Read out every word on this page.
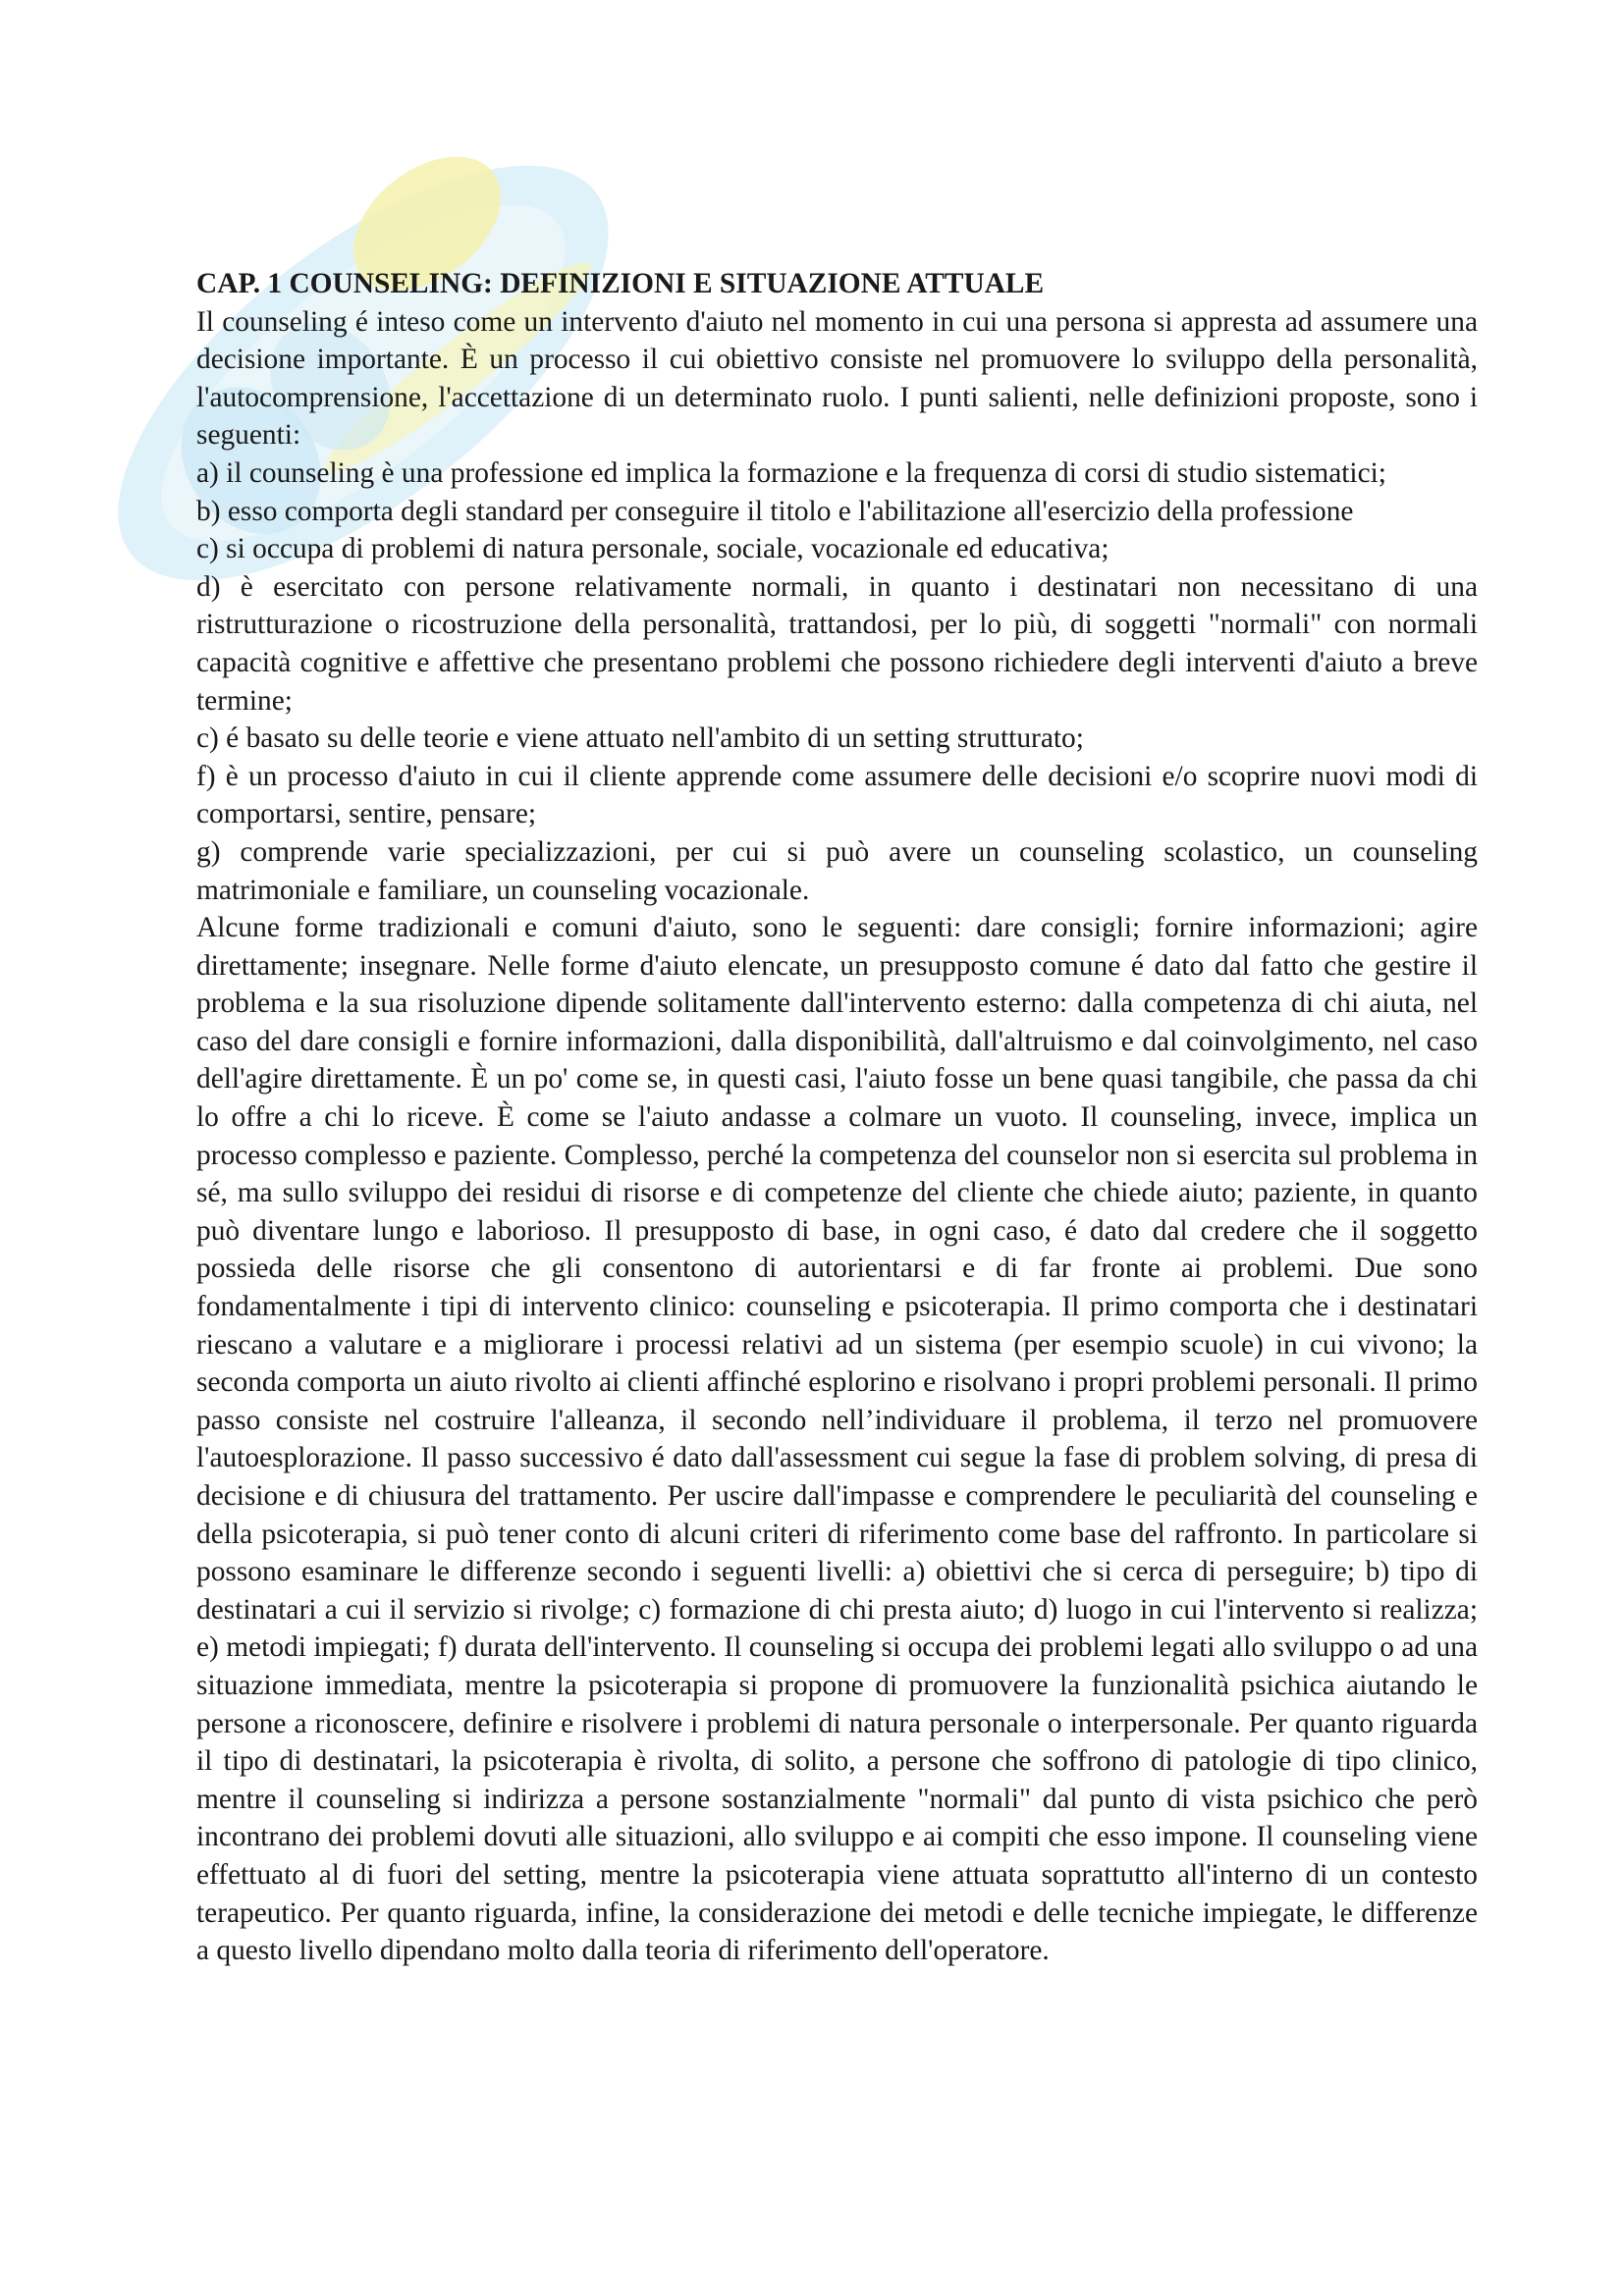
CAP. 1 COUNSELING: DEFINIZIONI E SITUAZIONE ATTUALE

Il counseling é inteso come un intervento d'aiuto nel momento in cui una persona si appresta ad assumere una decisione importante. È un processo il cui obiettivo consiste nel promuovere lo sviluppo della personalità, l'autocomprensione, l'accettazione di un determinato ruolo. I punti salienti, nelle definizioni proposte, sono i seguenti:

a) il counseling è una professione ed implica la formazione e la frequenza di corsi di studio sistematici;

b) esso comporta degli standard per conseguire il titolo e l'abilitazione all'esercizio della professione

c) si occupa di problemi di natura personale, sociale, vocazionale ed educativa;

d) è esercitato con persone relativamente normali, in quanto i destinatari non necessitano di una ristrutturazione o ricostruzione della personalità, trattandosi, per lo più, di soggetti "normali" con normali capacità cognitive e affettive che presentano problemi che possono richiedere degli interventi d'aiuto a breve termine;

c) é basato su delle teorie e viene attuato nell'ambito di un setting strutturato;

f) è un processo d'aiuto in cui il cliente apprende come assumere delle decisioni e/o scoprire nuovi modi di comportarsi, sentire, pensare;

g) comprende varie specializzazioni, per cui si può avere un counseling scolastico, un counseling matrimoniale e familiare, un counseling vocazionale.

Alcune forme tradizionali e comuni d'aiuto, sono le seguenti: dare consigli; fornire informazioni; agire direttamente; insegnare. Nelle forme d'aiuto elencate, un presupposto comune é dato dal fatto che gestire il problema e la sua risoluzione dipende solitamente dall'intervento esterno: dalla competenza di chi aiuta, nel caso del dare consigli e fornire informazioni, dalla disponibilità, dall'altruismo e dal coinvolgimento, nel caso dell'agire direttamente. È un po' come se, in questi casi, l'aiuto fosse un bene quasi tangibile, che passa da chi lo offre a chi lo riceve. È come se l'aiuto andasse a colmare un vuoto. Il counseling, invece, implica un processo complesso e paziente. Complesso, perché la competenza del counselor non si esercita sul problema in sé, ma sullo sviluppo dei residui di risorse e di competenze del cliente che chiede aiuto; paziente, in quanto può diventare lungo e laborioso. Il presupposto di base, in ogni caso, é dato dal credere che il soggetto possieda delle risorse che gli consentono di autorientarsi e di far fronte ai problemi. Due sono fondamentalmente i tipi di intervento clinico: counseling e psicoterapia. Il primo comporta che i destinatari riescano a valutare e a migliorare i processi relativi ad un sistema (per esempio scuole) in cui vivono; la seconda comporta un aiuto rivolto ai clienti affinché esplorino e risolvano i propri problemi personali. Il primo passo consiste nel costruire l'alleanza, il secondo nell’individuare il problema, il terzo nel promuovere l'autoesplorazione. Il passo successivo é dato dall'assessment cui segue la fase di problem solving, di presa di decisione e di chiusura del trattamento. Per uscire dall'impasse e comprendere le peculiarità del counseling e della psicoterapia, si può tener conto di alcuni criteri di riferimento come base del raffronto. In particolare si possono esaminare le differenze secondo i seguenti livelli: a) obiettivi che si cerca di perseguire; b) tipo di destinatari a cui il servizio si rivolge; c) formazione di chi presta aiuto; d) luogo in cui l'intervento si realizza; e) metodi impiegati; f) durata dell'intervento. Il counseling si occupa dei problemi legati allo sviluppo o ad una situazione immediata, mentre la psicoterapia si propone di promuovere la funzionalità psichica aiutando le persone a riconoscere, definire e risolvere i problemi di natura personale o interpersonale. Per quanto riguarda il tipo di destinatari, la psicoterapia è rivolta, di solito, a persone che soffrono di patologie di tipo clinico, mentre il counseling si indirizza a persone sostanzialmente "normali" dal punto di vista psichico che però incontrano dei problemi dovuti alle situazioni, allo sviluppo e ai compiti che esso impone. Il counseling viene effettuato al di fuori del setting, mentre la psicoterapia viene attuata soprattutto all'interno di un contesto terapeutico. Per quanto riguarda, infine, la considerazione dei metodi e delle tecniche impiegate, le differenze a questo livello dipendano molto dalla teoria di riferimento dell'operatore.
